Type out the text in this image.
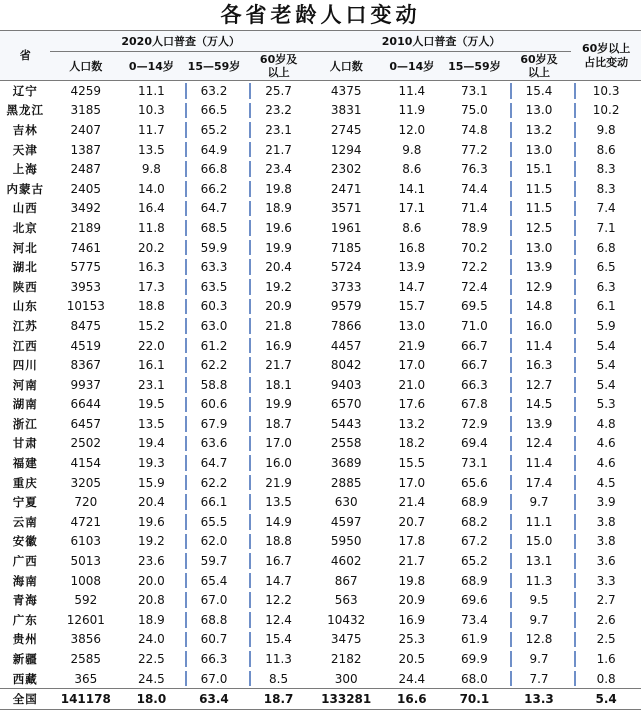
各省老龄人口变动
省	2020人口普查（万人）				2010人口普查（万人）				60岁以上占比变动

	人口数	0—14岁	15—59岁	60岁及以上	人口数	0—14岁	15—59岁	60岁及以上	

辽宁	4259	11.1	63.2	25.7	4375	11.4	73.1	15.4	10.3
黑龙江	3185	10.3	66.5	23.2	3831	11.9	75.0	13.0	10.2
吉林	2407	11.7	65.2	23.1	2745	12.0	74.8	13.2	9.8
天津	1387	13.5	64.9	21.7	1294	9.8	77.2	13.0	8.6
上海	2487	9.8	66.8	23.4	2302	8.6	76.3	15.1	8.3
内蒙古	2405	14.0	66.2	19.8	2471	14.1	74.4	11.5	8.3
山西	3492	16.4	64.7	18.9	3571	17.1	71.4	11.5	7.4
北京	2189	11.8	68.5	19.6	1961	8.6	78.9	12.5	7.1
河北	7461	20.2	59.9	19.9	7185	16.8	70.2	13.0	6.8
湖北	5775	16.3	63.3	20.4	5724	13.9	72.2	13.9	6.5
陕西	3953	17.3	63.5	19.2	3733	14.7	72.4	12.9	6.3
山东	10153	18.8	60.3	20.9	9579	15.7	69.5	14.8	6.1
江苏	8475	15.2	63.0	21.8	7866	13.0	71.0	16.0	5.9
江西	4519	22.0	61.2	16.9	4457	21.9	66.7	11.4	5.4
四川	8367	16.1	62.2	21.7	8042	17.0	66.7	16.3	5.4
河南	9937	23.1	58.8	18.1	9403	21.0	66.3	12.7	5.4
湖南	6644	19.5	60.6	19.9	6570	17.6	67.8	14.5	5.3
浙江	6457	13.5	67.9	18.7	5443	13.2	72.9	13.9	4.8
甘肃	2502	19.4	63.6	17.0	2558	18.2	69.4	12.4	4.6
福建	4154	19.3	64.7	16.0	3689	15.5	73.1	11.4	4.6
重庆	3205	15.9	62.2	21.9	2885	17.0	65.6	17.4	4.5
宁夏	720	20.4	66.1	13.5	630	21.4	68.9	9.7	3.9
云南	4721	19.6	65.5	14.9	4597	20.7	68.2	11.1	3.8
安徽	6103	19.2	62.0	18.8	5950	17.8	67.2	15.0	3.8
广西	5013	23.6	59.7	16.7	4602	21.7	65.2	13.1	3.6
海南	1008	20.0	65.4	14.7	867	19.8	68.9	11.3	3.3
青海	592	20.8	67.0	12.2	563	20.9	69.6	9.5	2.7
广东	12601	18.9	68.8	12.4	10432	16.9	73.4	9.7	2.6
贵州	3856	24.0	60.7	15.4	3475	25.3	61.9	12.8	2.5
新疆	2585	22.5	66.3	11.3	2182	20.5	69.9	9.7	1.6
西藏	365	24.5	67.0	8.5	300	24.4	68.0	7.7	0.8
全国	141178	18.0	63.4	18.7	133281	16.6	70.1	13.3	5.4
